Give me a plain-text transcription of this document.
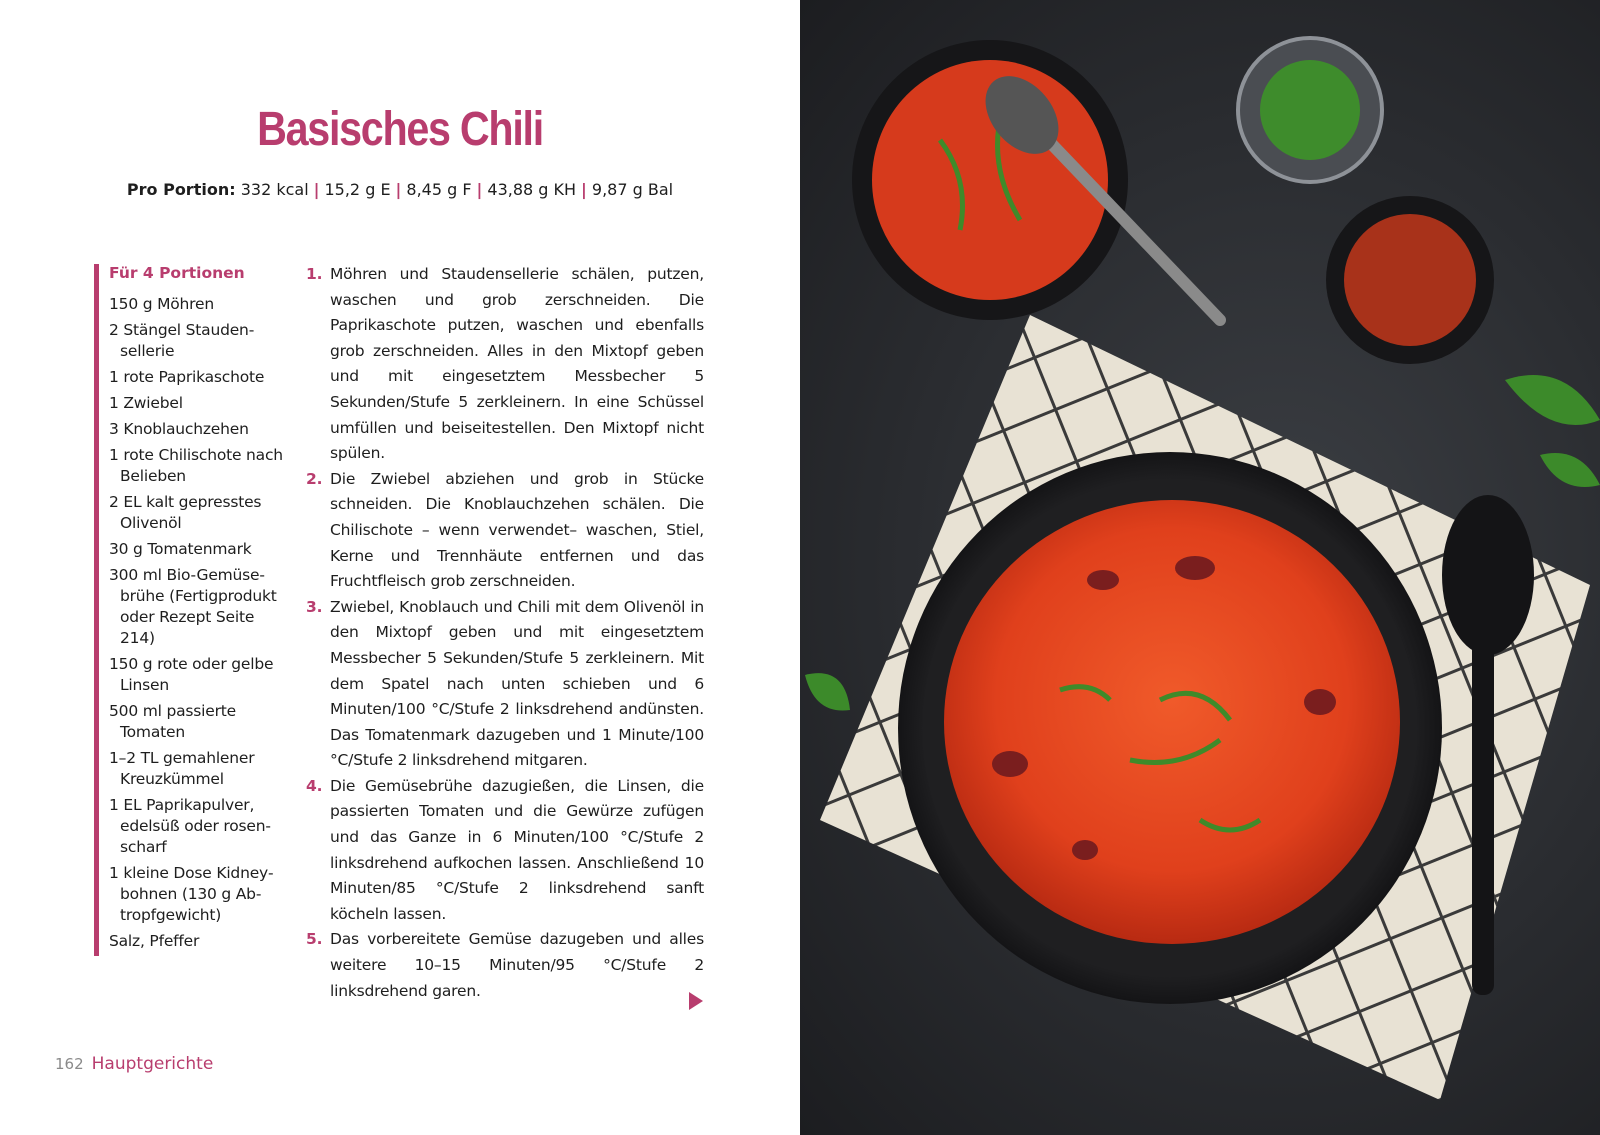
Basisches Chili
Pro Portion: 332 kcal | 15,2 g E | 8,45 g F | 43,88 g KH | 9,87 g Bal
Für 4 Portionen
150 g Möhren
2 Stängel Staudensellerie
1 rote Paprikaschote
1 Zwiebel
3 Knoblauchzehen
1 rote Chilischote nach Belieben
2 EL kalt gepresstes Olivenöl
30 g Tomatenmark
300 ml Bio-Gemüsebrühe (Fertigprodukt oder Rezept Seite 214)
150 g rote oder gelbe Linsen
500 ml passierte Tomaten
1–2 TL gemahlener Kreuzkümmel
1 EL Paprikapulver, edelsüß oder rosenscharf
1 kleine Dose Kidneybohnen (130 g Abtropfgewicht)
Salz, Pfeffer
1. Möhren und Staudensellerie schälen, putzen, waschen und grob zerschneiden. Die Paprikaschote putzen, waschen und ebenfalls grob zerschneiden. Alles in den Mixtopf geben und mit eingesetztem Messbecher 5 Sekunden/Stufe 5 zerkleinern. In eine Schüssel umfüllen und beiseitestellen. Den Mixtopf nicht spülen.
2. Die Zwiebel abziehen und grob in Stücke schneiden. Die Knoblauchzehen schälen. Die Chilischote – wenn verwendet– waschen, Stiel, Kerne und Trennhäute entfernen und das Fruchtfleisch grob zerschneiden.
3. Zwiebel, Knoblauch und Chili mit dem Olivenöl in den Mixtopf geben und mit eingesetztem Messbecher 5 Sekunden/Stufe 5 zerkleinern. Mit dem Spatel nach unten schieben und 6 Minuten/100 °C/Stufe 2 linksdrehend andünsten. Das Tomatenmark dazugeben und 1 Minute/100 °C/Stufe 2 linksdrehend mitgaren.
4. Die Gemüsebrühe dazugießen, die Linsen, die passierten Tomaten und die Gewürze zufügen und das Ganze in 6 Minuten/100 °C/Stufe 2 linksdrehend aufkochen lassen. Anschließend 10 Minuten/85 °C/Stufe 2 linksdrehend sanft köcheln lassen.
5. Das vorbereitete Gemüse dazugeben und alles weitere 10–15 Minuten/95 °C/Stufe 2 linksdrehend garen.
162 Hauptgerichte
